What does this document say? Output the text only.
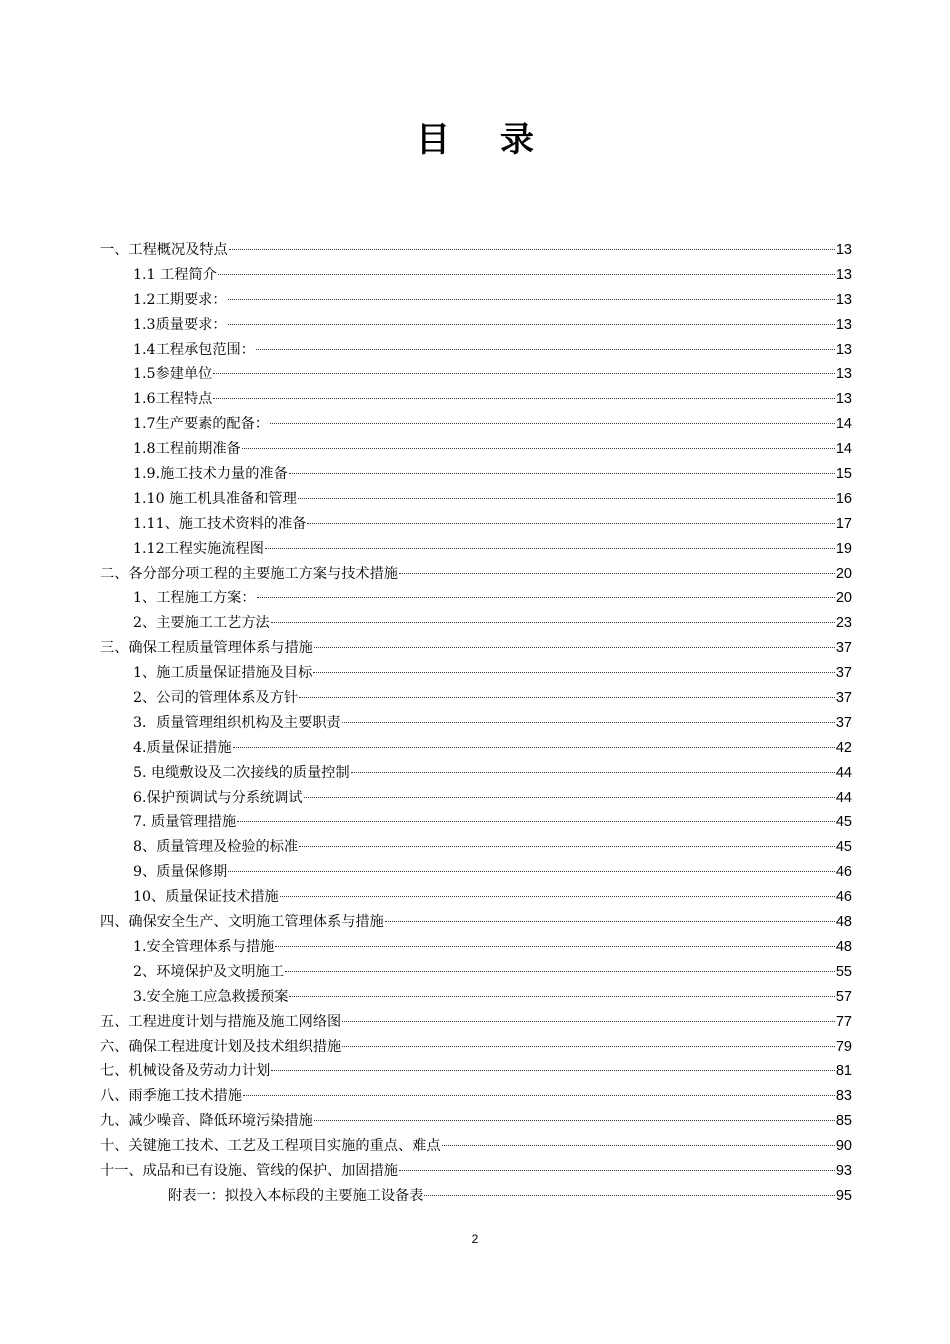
目录
一、工程概况及特点	13
1.1 工程简介	13
1.2工期要求：	13
1.3质量要求：	13
1.4工程承包范围：	13
1.5参建单位	13
1.6工程特点	13
1.7生产要素的配备：	14
1.8工程前期准备	14
1.9.施工技术力量的准备	15
1.10 施工机具准备和管理	16
1.11、施工技术资料的准备	17
1.12工程实施流程图	19
二、各分部分项工程的主要施工方案与技术措施	20
1、工程施工方案：	20
2、主要施工工艺方法	23
三、确保工程质量管理体系与措施	37
1、施工质量保证措施及目标	37
2、公司的管理体系及方针	37
3．质量管理组织机构及主要职责	37
4.质量保证措施	42
5. 电缆敷设及二次接线的质量控制	44
6.保护预调试与分系统调试	44
7. 质量管理措施	45
8、质量管理及检验的标准	45
9、质量保修期	46
10、质量保证技术措施	46
四、确保安全生产、文明施工管理体系与措施	48
1.安全管理体系与措施	48
2、环境保护及文明施工	55
3.安全施工应急救援预案	57
五、工程进度计划与措施及施工网络图	77
六、确保工程进度计划及技术组织措施	79
七、机械设备及劳动力计划	81
八、雨季施工技术措施	83
九、减少噪音、降低环境污染措施	85
十、关键施工技术、工艺及工程项目实施的重点、难点	90
十一、成品和已有设施、管线的保护、加固措施	93
附表一：拟投入本标段的主要施工设备表	95
2
